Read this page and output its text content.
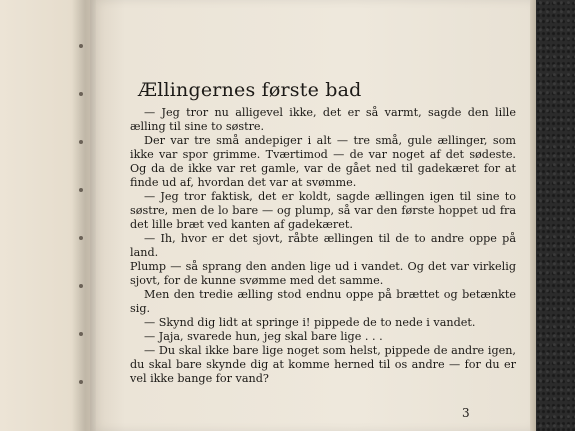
Ællingernes første bad

— Jeg tror nu alligevel ikke, det er så varmt, sagde den lille ælling til sine to søstre.

Der var tre små andepiger i alt — tre små, gule ællinger, som ikke var spor grimme. Tværtimod — de var noget af det sødeste. Og da de ikke var ret gamle, var de gået ned til gadekæret for at finde ud af, hvordan det var at svømme.

— Jeg tror faktisk, det er koldt, sagde ællingen igen til sine to søstre, men de lo bare — og plump, så var den første hoppet ud fra det lille bræt ved kanten af gadekæret.

— Ih, hvor er det sjovt, råbte ællingen til de to andre oppe på land.

Plump — så sprang den anden lige ud i vandet. Og det var virkelig sjovt, for de kunne svømme med det samme.

Men den tredie ælling stod endnu oppe på brættet og betænkte sig.

— Skynd dig lidt at springe i! pippede de to nede i vandet.

— Jaja, svarede hun, jeg skal bare lige . . .

— Du skal ikke bare lige noget som helst, pippede de andre igen, du skal bare skynde dig at komme herned til os andre — for du er vel ikke bange for vand?

3
